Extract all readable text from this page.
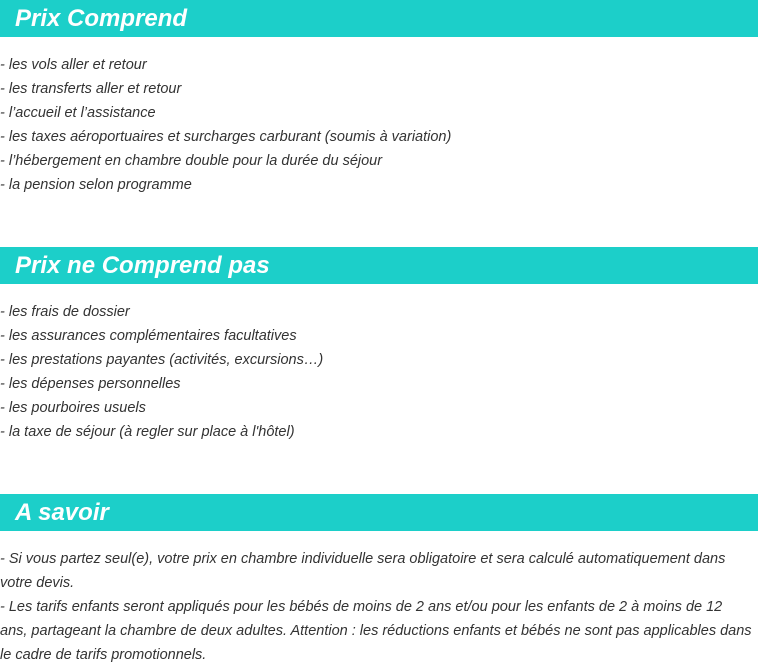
Prix Comprend
- les vols aller et retour
- les transferts aller et retour
- l’accueil et l’assistance
- les taxes aéroportuaires et surcharges carburant (soumis à variation)
- l’hébergement en chambre double pour la durée du séjour
- la pension selon programme
Prix ne Comprend pas
- les frais de dossier
- les assurances complémentaires facultatives
- les prestations payantes (activités, excursions…)
- les dépenses personnelles
- les pourboires usuels
- la taxe de séjour (à regler sur place à l'hôtel)
A savoir

- Si vous partez seul(e), votre prix en chambre individuelle sera obligatoire et sera calculé automatiquement dans votre devis.

- Les tarifs enfants seront appliqués pour les bébés de moins de 2 ans et/ou pour les enfants de 2 à moins de 12 ans, partageant la chambre de deux adultes. Attention : les réductions enfants et bébés ne sont pas applicables dans le cadre de tarifs promotionnels.
